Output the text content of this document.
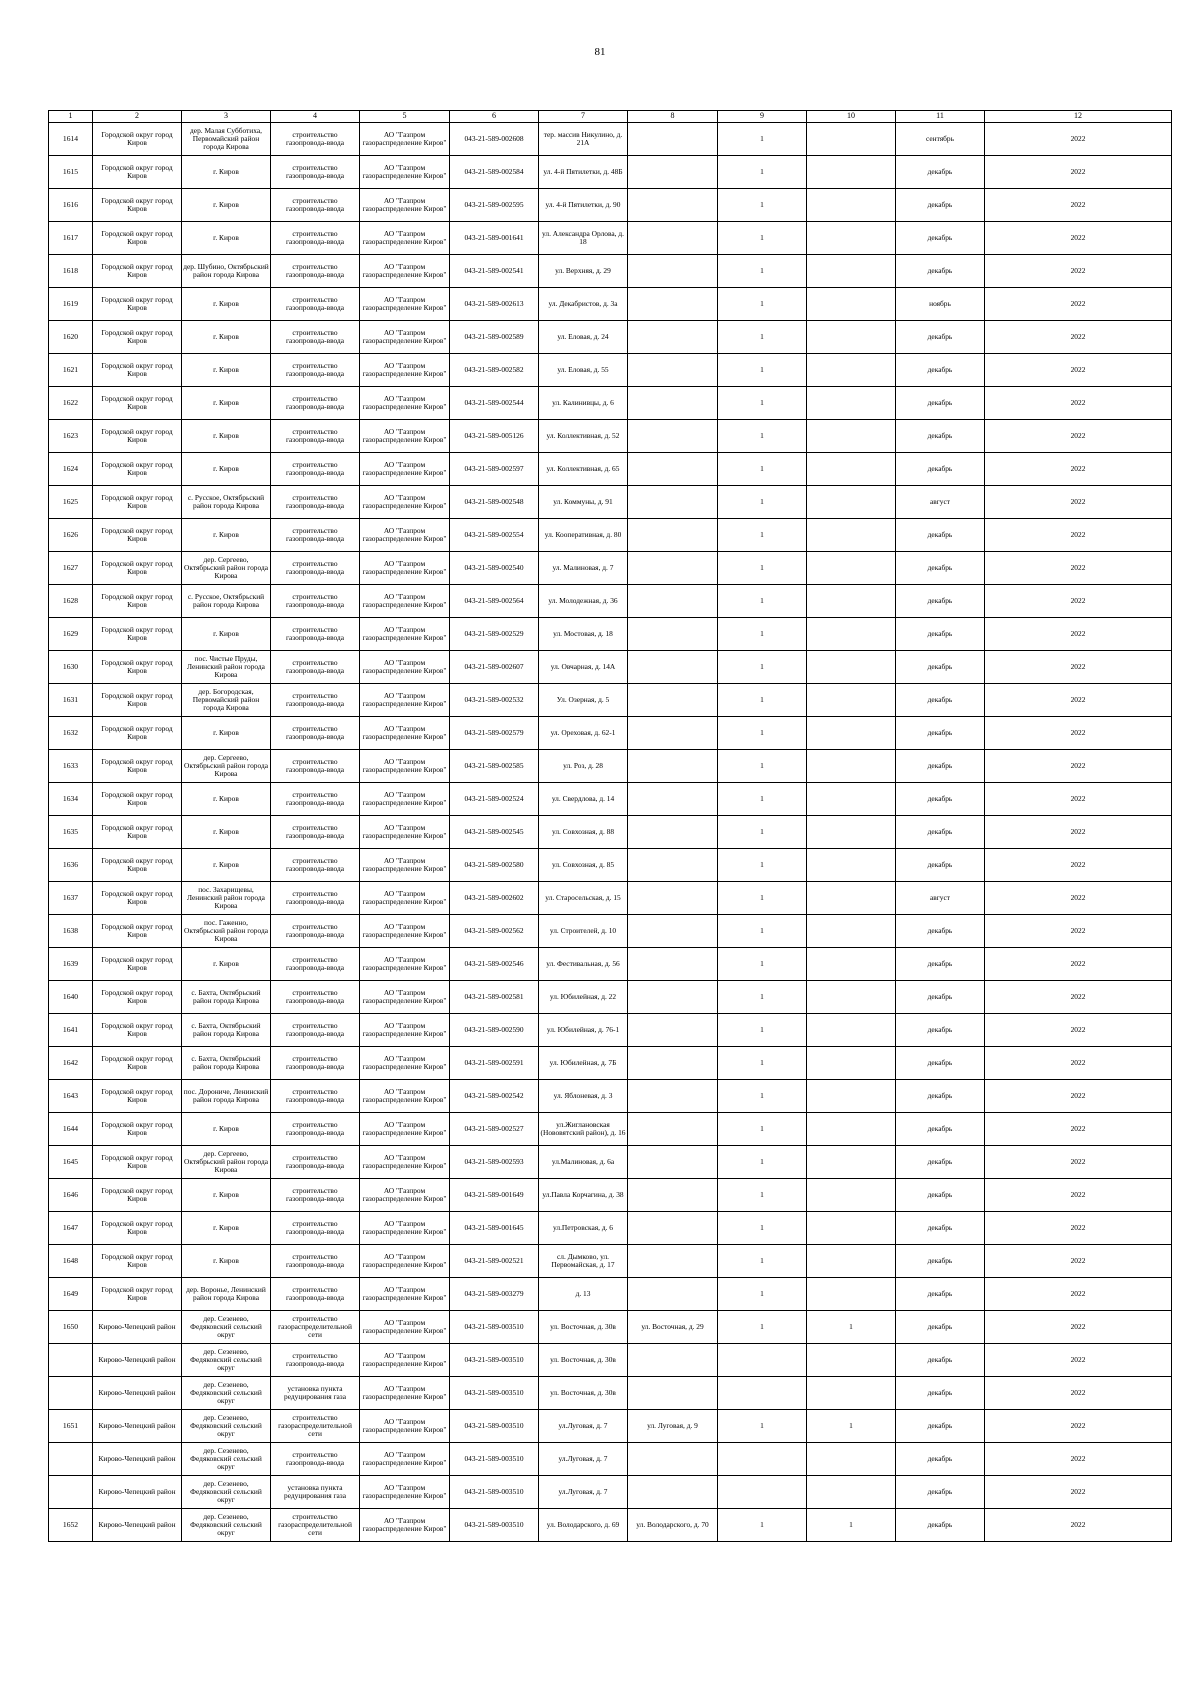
81
1	2	3	4	5	6	7	8	9	10	11	12
1614	Городской округ город Киров	дер. Малая Субботиха, Первомайский район города Кирова	строительство газопровода-ввода	АО "Газпром газораспределение Киров"	043-21-589-002608	тер. массив Никулино, д. 21А		1		сентябрь	2022
1615	Городской округ город Киров	г. Киров	строительство газопровода-ввода	АО "Газпром газораспределение Киров"	043-21-589-002584	ул. 4-й Пятилетки, д. 48Б		1		декабрь	2022
1616	Городской округ город Киров	г. Киров	строительство газопровода-ввода	АО "Газпром газораспределение Киров"	043-21-589-002595	ул. 4-й Пятилетки, д. 90		1		декабрь	2022
1617	Городской округ город Киров	г. Киров	строительство газопровода-ввода	АО "Газпром газораспределение Киров"	043-21-589-001641	ул. Александра Орлова, д. 18		1		декабрь	2022
1618	Городской округ город Киров	дер. Шубино, Октябрьский район города Кирова	строительство газопровода-ввода	АО "Газпром газораспределение Киров"	043-21-589-002541	ул. Верхняя, д. 29		1		декабрь	2022
1619	Городской округ город Киров	г. Киров	строительство газопровода-ввода	АО "Газпром газораспределение Киров"	043-21-589-002613	ул. Декабристов, д. 3а		1		ноябрь	2022
1620	Городской округ город Киров	г. Киров	строительство газопровода-ввода	АО "Газпром газораспределение Киров"	043-21-589-002589	ул. Еловая, д. 24		1		декабрь	2022
1621	Городской округ город Киров	г. Киров	строительство газопровода-ввода	АО "Газпром газораспределение Киров"	043-21-589-002582	ул. Еловая, д. 55		1		декабрь	2022
1622	Городской округ город Киров	г. Киров	строительство газопровода-ввода	АО "Газпром газораспределение Киров"	043-21-589-002544	ул. Калинивцы, д. 6		1		декабрь	2022
1623	Городской округ город Киров	г. Киров	строительство газопровода-ввода	АО "Газпром газораспределение Киров"	043-21-589-005126	ул. Коллективная, д. 52		1		декабрь	2022
1624	Городской округ город Киров	г. Киров	строительство газопровода-ввода	АО "Газпром газораспределение Киров"	043-21-589-002597	ул. Коллективная, д. 65		1		декабрь	2022
1625	Городской округ город Киров	с. Русское, Октябрьский район города Кирова	строительство газопровода-ввода	АО "Газпром газораспределение Киров"	043-21-589-002548	ул. Коммуны, д. 91		1		август	2022
1626	Городской округ город Киров	г. Киров	строительство газопровода-ввода	АО "Газпром газораспределение Киров"	043-21-589-002554	ул. Кооперативная, д. 80		1		декабрь	2022
1627	Городской округ город Киров	дер. Сергеево, Октябрьский район города Кирова	строительство газопровода-ввода	АО "Газпром газораспределение Киров"	043-21-589-002540	ул. Малиновая, д. 7		1		декабрь	2022
1628	Городской округ город Киров	с. Русское, Октябрьский район города Кирова	строительство газопровода-ввода	АО "Газпром газораспределение Киров"	043-21-589-002564	ул. Молодежная, д. 36		1		декабрь	2022
1629	Городской округ город Киров	г. Киров	строительство газопровода-ввода	АО "Газпром газораспределение Киров"	043-21-589-002529	ул. Мостовая, д. 18		1		декабрь	2022
1630	Городской округ город Киров	пос. Чистые Пруды, Ленинский район города Кирова	строительство газопровода-ввода	АО "Газпром газораспределение Киров"	043-21-589-002607	ул. Овчарная, д. 14А		1		декабрь	2022
1631	Городской округ город Киров	дер. Богородская, Первомайский район города Кирова	строительство газопровода-ввода	АО "Газпром газораспределение Киров"	043-21-589-002532	Ул. Озерная, д. 5		1		декабрь	2022
1632	Городской округ город Киров	г. Киров	строительство газопровода-ввода	АО "Газпром газораспределение Киров"	043-21-589-002579	ул. Ореховая, д. 62-1		1		декабрь	2022
1633	Городской округ город Киров	дер. Сергеево, Октябрьский район города Кирова	строительство газопровода-ввода	АО "Газпром газораспределение Киров"	043-21-589-002585	ул. Роз, д. 28		1		декабрь	2022
1634	Городской округ город Киров	г. Киров	строительство газопровода-ввода	АО "Газпром газораспределение Киров"	043-21-589-002524	ул. Свердлова, д. 14		1		декабрь	2022
1635	Городской округ город Киров	г. Киров	строительство газопровода-ввода	АО "Газпром газораспределение Киров"	043-21-589-002545	ул. Совхозная, д. 88		1		декабрь	2022
1636	Городской округ город Киров	г. Киров	строительство газопровода-ввода	АО "Газпром газораспределение Киров"	043-21-589-002580	ул. Совхозная, д. 85		1		декабрь	2022
1637	Городской округ город Киров	пос. Захарищевы, Ленинский район города Кирова	строительство газопровода-ввода	АО "Газпром газораспределение Киров"	043-21-589-002602	ул. Старосельская, д. 15		1		август	2022
1638	Городской округ город Киров	пос. Гаженно, Октябрьский район города Кирова	строительство газопровода-ввода	АО "Газпром газораспределение Киров"	043-21-589-002562	ул. Строителей, д. 10		1		декабрь	2022
1639	Городской округ город Киров	г. Киров	строительство газопровода-ввода	АО "Газпром газораспределение Киров"	043-21-589-002546	ул. Фестивальная, д. 56		1		декабрь	2022
1640	Городской округ город Киров	с. Бахта, Октябрьский район города Кирова	строительство газопровода-ввода	АО "Газпром газораспределение Киров"	043-21-589-002581	ул. Юбилейная, д. 22		1		декабрь	2022
1641	Городской округ город Киров	с. Бахта, Октябрьский район города Кирова	строительство газопровода-ввода	АО "Газпром газораспределение Киров"	043-21-589-002590	ул. Юбилейная, д. 76-1		1		декабрь	2022
1642	Городской округ город Киров	с. Бахта, Октябрьский район города Кирова	строительство газопровода-ввода	АО "Газпром газораспределение Киров"	043-21-589-002591	ул. Юбилейная, д. 7Б		1		декабрь	2022
1643	Городской округ город Киров	пос. Дорониче, Ленинский район города Кирова	строительство газопровода-ввода	АО "Газпром газораспределение Киров"	043-21-589-002542	ул. Яблоневая, д. 3		1		декабрь	2022
1644	Городской округ город Киров	г. Киров	строительство газопровода-ввода	АО "Газпром газораспределение Киров"	043-21-589-002527	ул.Жиглановская (Нововятский район), д. 16		1		декабрь	2022
1645	Городской округ город Киров	дер. Сергеево, Октябрьский район города Кирова	строительство газопровода-ввода	АО "Газпром газораспределение Киров"	043-21-589-002593	ул.Малиновая, д. 6а		1		декабрь	2022
1646	Городской округ город Киров	г. Киров	строительство газопровода-ввода	АО "Газпром газораспределение Киров"	043-21-589-001649	ул.Павла Корчагина, д. 38		1		декабрь	2022
1647	Городской округ город Киров	г. Киров	строительство газопровода-ввода	АО "Газпром газораспределение Киров"	043-21-589-001645	ул.Петровская, д. 6		1		декабрь	2022
1648	Городской округ город Киров	г. Киров	строительство газопровода-ввода	АО "Газпром газораспределение Киров"	043-21-589-002521	сл. Дымково, ул. Первомайская, д. 17		1		декабрь	2022
1649	Городской округ город Киров	дер. Воронье, Ленинский район города Кирова	строительство газопровода-ввода	АО "Газпром газораспределение Киров"	043-21-589-003279	д. 13		1		декабрь	2022
1650	Кирово-Чепецкий район	дер. Сезенево, Федяковский сельский округ	строительство газораспределительной сети	АО "Газпром газораспределение Киров"	043-21-589-003510	ул. Восточная, д. 30в	ул. Восточная, д. 29	1	1	декабрь	2022
	Кирово-Чепецкий район	дер. Сезенево, Федяковский сельский округ	строительство газопровода-ввода	АО "Газпром газораспределение Киров"	043-21-589-003510	ул. Восточная, д. 30в				декабрь	2022
	Кирово-Чепецкий район	дер. Сезенево, Федяковский сельский округ	установка пункта редуцирования газа	АО "Газпром газораспределение Киров"	043-21-589-003510	ул. Восточная, д. 30в				декабрь	2022
1651	Кирово-Чепецкий район	дер. Сезенево, Федяковский сельский округ	строительство газораспределительной сети	АО "Газпром газораспределение Киров"	043-21-589-003510	ул.Луговая, д. 7	ул. Луговая, д. 9	1	1	декабрь	2022
	Кирово-Чепецкий район	дер. Сезенево, Федяковский сельский округ	строительство газопровода-ввода	АО "Газпром газораспределение Киров"	043-21-589-003510	ул.Луговая, д. 7				декабрь	2022
	Кирово-Чепецкий район	дер. Сезенево, Федяковский сельский округ	установка пункта редуцирования газа	АО "Газпром газораспределение Киров"	043-21-589-003510	ул.Луговая, д. 7				декабрь	2022
1652	Кирово-Чепецкий район	дер. Сезенево, Федяковский сельский округ	строительство газораспределительной сети	АО "Газпром газораспределение Киров"	043-21-589-003510	ул. Володарского, д. 69	ул. Володарского, д. 70	1	1	декабрь	2022
